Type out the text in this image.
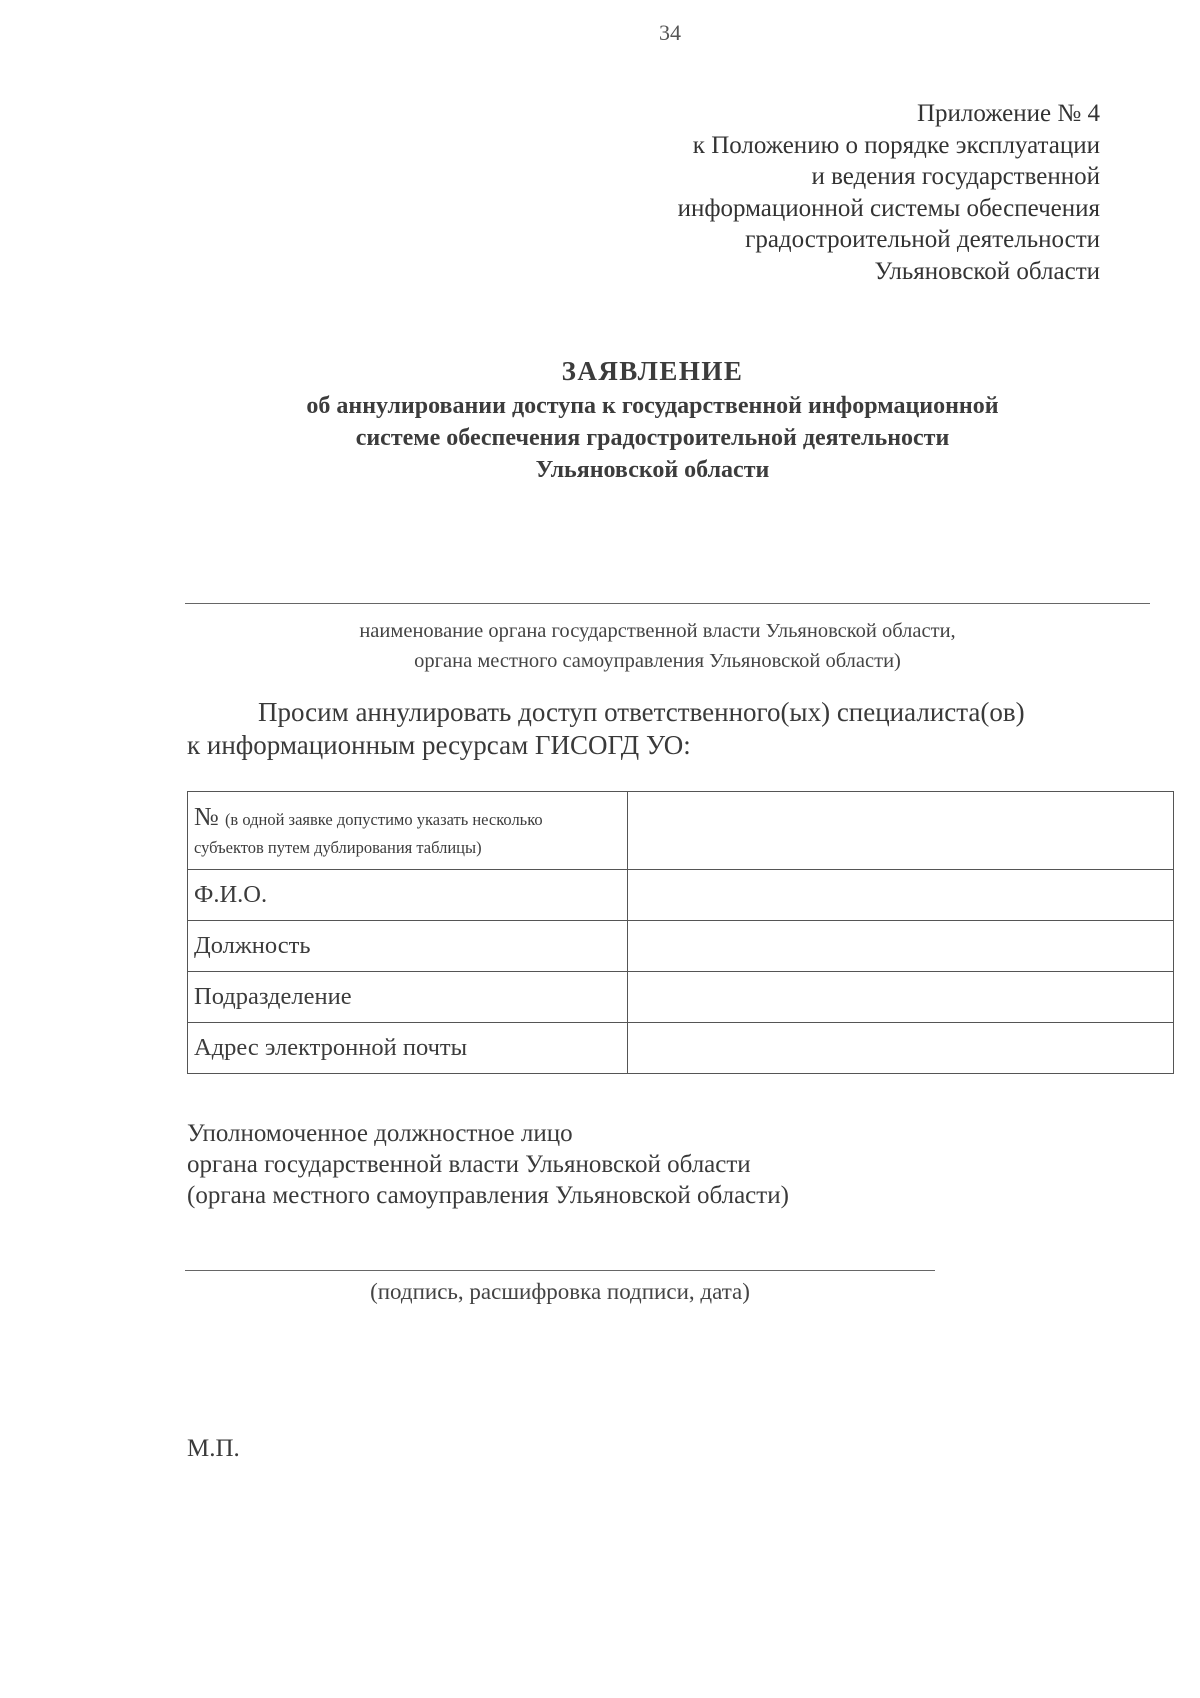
34
Приложение № 4
к Положению о порядке эксплуатации
и ведения государственной
информационной системы обеспечения
градостроительной деятельности
Ульяновской области
ЗАЯВЛЕНИЕ
об аннулировании доступа к государственной информационной
системе обеспечения градостроительной деятельности
Ульяновской области
наименование органа государственной власти Ульяновской области,
органа местного самоуправления Ульяновской области)
Просим аннулировать доступ ответственного(ых) специалиста(ов)
к информационным ресурсам ГИСОГД УО:
№ (в одной заявке допустимо указать несколько
субъектов путем дублирования таблицы)	
Ф.И.О.	
Должность	
Подразделение	
Адрес электронной почты	
Уполномоченное должностное лицо
органа государственной власти Ульяновской области
(органа местного самоуправления Ульяновской области)
(подпись, расшифровка подписи, дата)
М.П.
